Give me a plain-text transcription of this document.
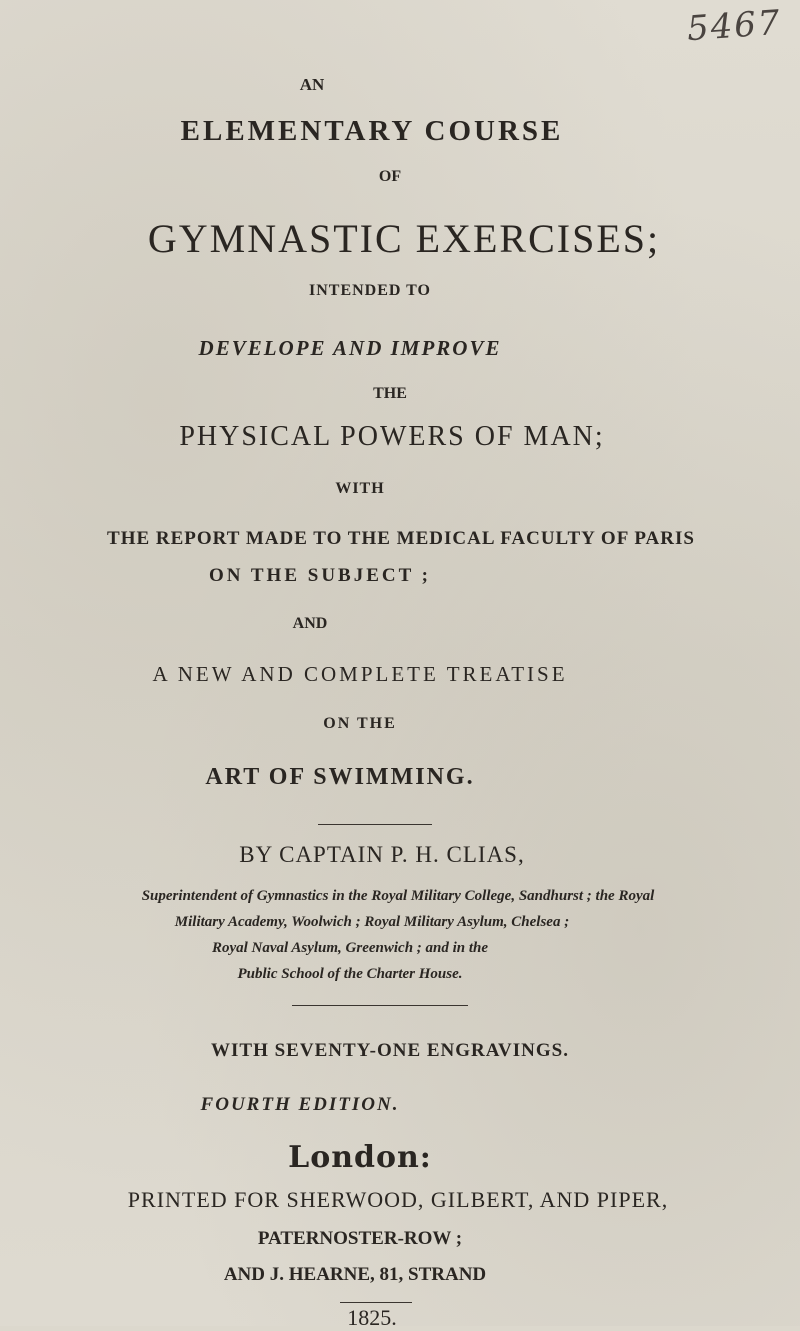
5467
AN
ELEMENTARY COURSE
OF
GYMNASTIC EXERCISES;
INTENDED TO
DEVELOPE AND IMPROVE
THE
PHYSICAL POWERS OF MAN;
WITH
THE REPORT MADE TO THE MEDICAL FACULTY OF PARIS
ON THE SUBJECT ;
AND
A NEW AND COMPLETE TREATISE
ON THE
ART OF SWIMMING.
BY CAPTAIN P. H. CLIAS,
Superintendent of Gymnastics in the Royal Military College, Sandhurst ; the Royal
Military Academy, Woolwich ; Royal Military Asylum, Chelsea ;
Royal Naval Asylum, Greenwich ; and in the
Public School of the Charter House.
WITH SEVENTY-ONE ENGRAVINGS.
FOURTH EDITION.
London:
PRINTED FOR SHERWOOD, GILBERT, AND PIPER,
PATERNOSTER-ROW ;
AND J. HEARNE, 81, STRAND
1825.
